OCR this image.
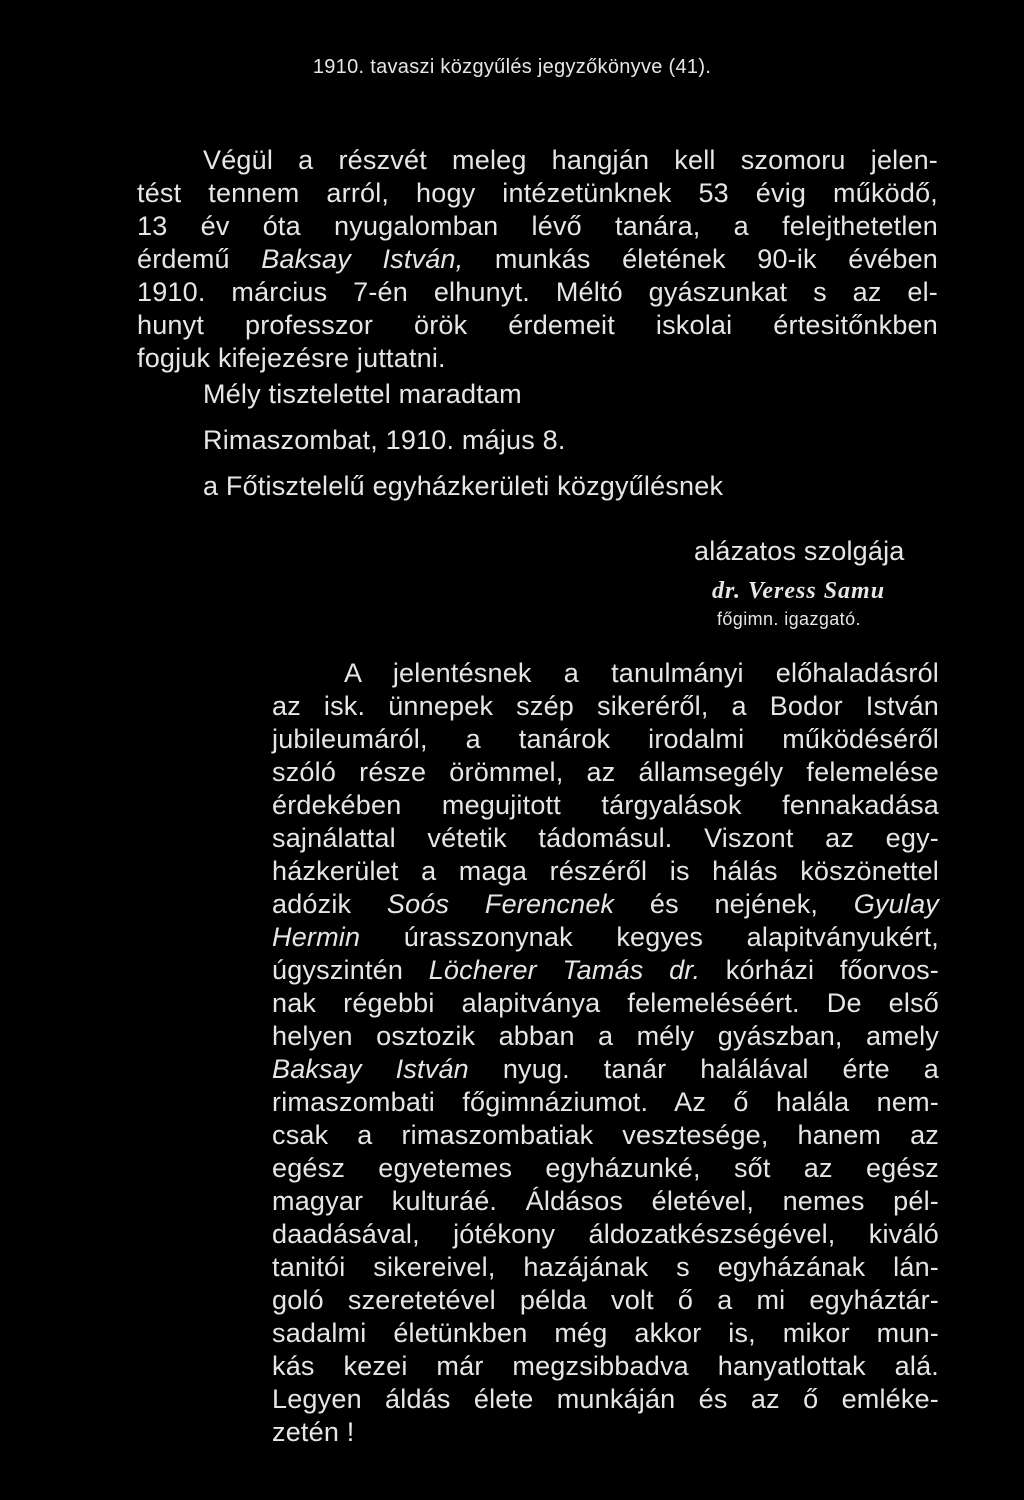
1910. tavaszi közgyűlés jegyzőkönyve (41).
Végül a részvét meleg hangján kell szomoru jelen-
tést tennem arról, hogy intézetünknek 53 évig működő,
13 év óta nyugalomban lévő tanára, a felejthetetlen
érdemű Baksay István, munkás életének 90-ik évében
1910. március 7-én elhunyt. Méltó gyászunkat s az el-
hunyt professzor örök érdemeit iskolai értesitőnkben
fogjuk kifejezésre juttatni.
Mély tisztelettel maradtam
Rimaszombat, 1910. május 8.
a Főtisztelelű egyházkerületi közgyűlésnek
alázatos szolgája
dr. Veress Samu
főgimn. igazgató.
A jelentésnek a tanulmányi előhaladásról
az isk. ünnepek szép sikeréről, a Bodor István
jubileumáról, a tanárok irodalmi működéséről
szóló része örömmel, az államsegély felemelése
érdekében megujitott tárgyalások fennakadása
sajnálattal vétetik tádomásul. Viszont az egy-
házkerület a maga részéről is hálás köszönettel
adózik Soós Ferencnek és nejének, Gyulay
Hermin úrasszonynak kegyes alapitványukért,
úgyszintén Löcherer Tamás dr. kórházi főorvos-
nak régebbi alapitványa felemeléséért. De első
helyen osztozik abban a mély gyászban, amely
Baksay István nyug. tanár halálával érte a
rimaszombati főgimnáziumot. Az ő halála nem-
csak a rimaszombatiak vesztesége, hanem az
egész egyetemes egyházunké, sőt az egész
magyar kulturáé. Áldásos életével, nemes pél-
daadásával, jótékony áldozatkészségével, kiváló
tanitói sikereivel, hazájának s egyházának lán-
goló szeretetével példa volt ő a mi egyháztár-
sadalmi életünkben még akkor is, mikor mun-
kás kezei már megzsibbadva hanyatlottak alá.
Legyen áldás élete munkáján és az ő emléke-
zetén !
